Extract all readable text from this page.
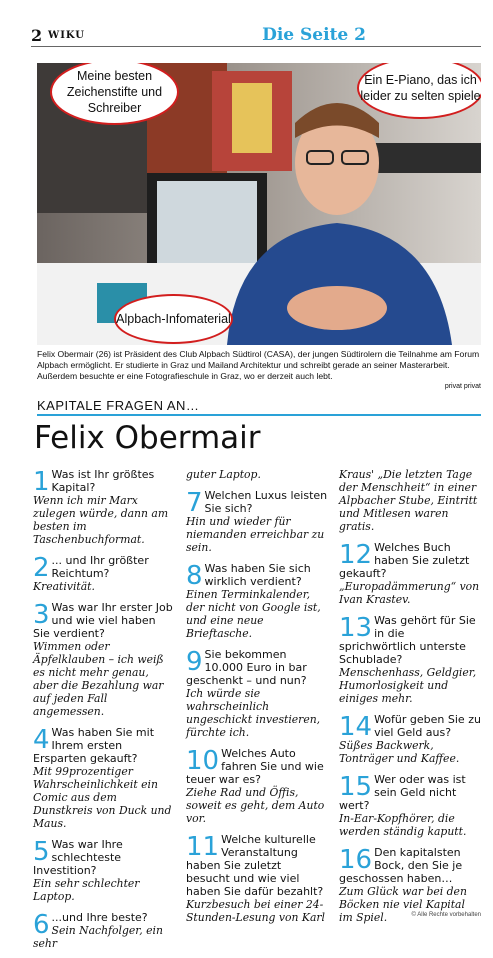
2 WIKU	Die Seite 2
Meine besten Zeichenstifte und Schreiber
Ein E-Piano, das ich leider zu selten spiele
Alpbach-Infomaterial
Felix Obermair (26) ist Präsident des Club Alpbach Südtirol (CASA), der jungen Südtirolern die Teilnahme am Forum Alpbach ermöglicht. Er studierte in Graz und Mailand Architektur und schreibt gerade an seiner Masterarbeit. Außerdem besuchte er eine Fotografieschule in Graz, wo er derzeit auch lebt.
privat privat
KAPITALE FRAGEN AN…
Felix Obermair
1 Was ist Ihr größtes Kapital?
Wenn ich mir Marx zulegen würde, dann am besten im Taschenbuchformat.
2 ... und Ihr größter Reichtum?
Kreativität.
3 Was war Ihr erster Job und wie viel haben Sie verdient?
Wimmen oder Äpfelklauben – ich weiß es nicht mehr genau, aber die Bezahlung war auf jeden Fall angemessen.
4 Was haben Sie mit Ihrem ersten Ersparten gekauft?
Mit 99prozentiger Wahrscheinlichkeit ein Comic aus dem Dunstkreis von Duck und Maus.
5 Was war Ihre schlechteste Investition?
Ein sehr schlechter Laptop.
6 ...und Ihre beste?
Sein Nachfolger, ein sehr
guter Laptop.
7 Welchen Luxus leisten Sie sich?
Hin und wieder für niemanden erreichbar zu sein.
8 Was haben Sie sich wirklich verdient?
Einen Terminkalender, der nicht von Google ist, und eine neue Brieftasche.
9 Sie bekommen 10.000 Euro in bar geschenkt – und nun?
Ich würde sie wahrscheinlich ungeschickt investieren, fürchte ich.
10 Welches Auto fahren Sie und wie teuer war es?
Ziehe Rad und Öffis, soweit es geht, dem Auto vor.
11 Welche kulturelle Veranstaltung haben Sie zuletzt besucht und wie viel haben Sie dafür bezahlt?
Kurzbesuch bei einer 24-Stunden-Lesung von Karl
Kraus' „Die letzten Tage der Menschheit“ in einer Alpbacher Stube, Eintritt und Mitlesen waren gratis.
12 Welches Buch haben Sie zuletzt gekauft?
„Europadämmerung“ von Ivan Krastev.
13 Was gehört für Sie in die sprichwörtlich unterste Schublade?
Menschenhass, Geldgier, Humorlosigkeit und einiges mehr.
14 Wofür geben Sie zu viel Geld aus?
Süßes Backwerk, Tonträger und Kaffee.
15 Wer oder was ist sein Geld nicht wert?
In-Ear-Kopfhörer, die werden ständig kaputt.
16 Den kapitalsten Bock, den Sie je geschossen haben…
Zum Glück war bei den Böcken nie viel Kapital im Spiel.	© Alle Rechte vorbehalten
